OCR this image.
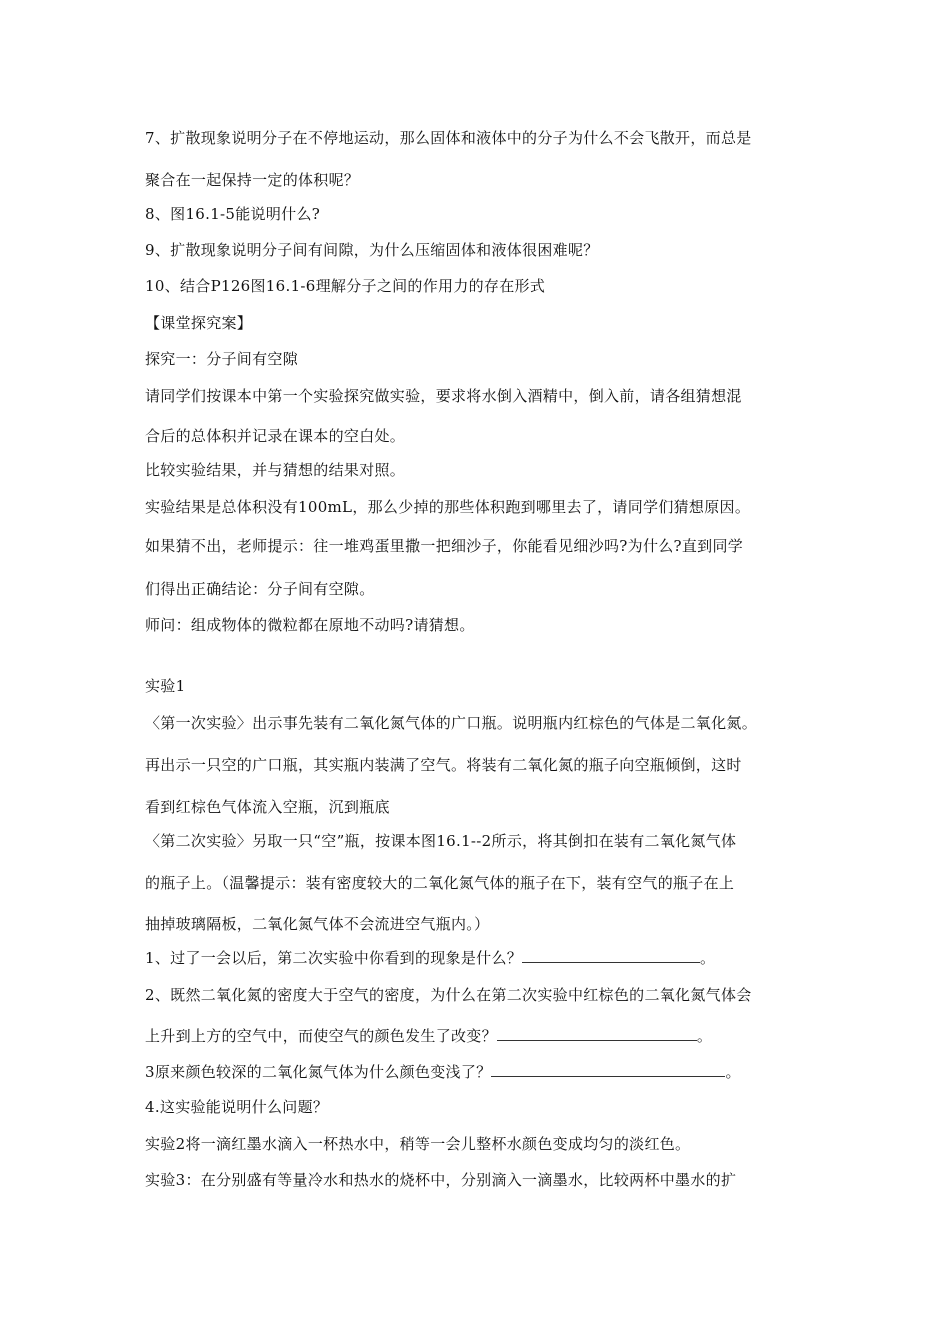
7、扩散现象说明分子在不停地运动，那么固体和液体中的分子为什么不会飞散开，而总是
聚合在一起保持一定的体积呢？
8、图16.1-5能说明什么?
9、扩散现象说明分子间有间隙，为什么压缩固体和液体很困难呢？
10、结合P126图16.1-6理解分子之间的作用力的存在形式
【课堂探究案】
探究一：分子间有空隙
请同学们按课本中第一个实验探究做实验，要求将水倒入酒精中，倒入前，请各组猜想混
合后的总体积并记录在课本的空白处。
比较实验结果，并与猜想的结果对照。
实验结果是总体积没有100mL，那么少掉的那些体积跑到哪里去了，请同学们猜想原因。
如果猜不出，老师提示：往一堆鸡蛋里撒一把细沙子，你能看见细沙吗?为什么?直到同学
们得出正确结论：分子间有空隙。
师问：组成物体的微粒都在原地不动吗?请猜想。
实验1
〈第一次实验〉出示事先装有二氧化氮气体的广口瓶。说明瓶内红棕色的气体是二氧化氮。
再出示一只空的广口瓶，其实瓶内装满了空气。将装有二氧化氮的瓶子向空瓶倾倒，这时
看到红棕色气体流入空瓶，沉到瓶底
〈第二次实验〉另取一只“空”瓶，按课本图16.1--2所示，将其倒扣在装有二氧化氮气体
的瓶子上。（温馨提示：装有密度较大的二氧化氮气体的瓶子在下，装有空气的瓶子在上
抽掉玻璃隔板，二氧化氮气体不会流进空气瓶内。）
1、过了一会以后，第二次实验中你看到的现象是什么？	。
2、既然二氧化氮的密度大于空气的密度，为什么在第二次实验中红棕色的二氧化氮气体会
上升到上方的空气中，而使空气的颜色发生了改变？	。
3原来颜色较深的二氧化氮气体为什么颜色变浅了？	。
4.这实验能说明什么问题？
实验2将一滴红墨水滴入一杯热水中，稍等一会儿整杯水颜色变成均匀的淡红色。
实验3：在分别盛有等量冷水和热水的烧杯中，分别滴入一滴墨水，比较两杯中墨水的扩
